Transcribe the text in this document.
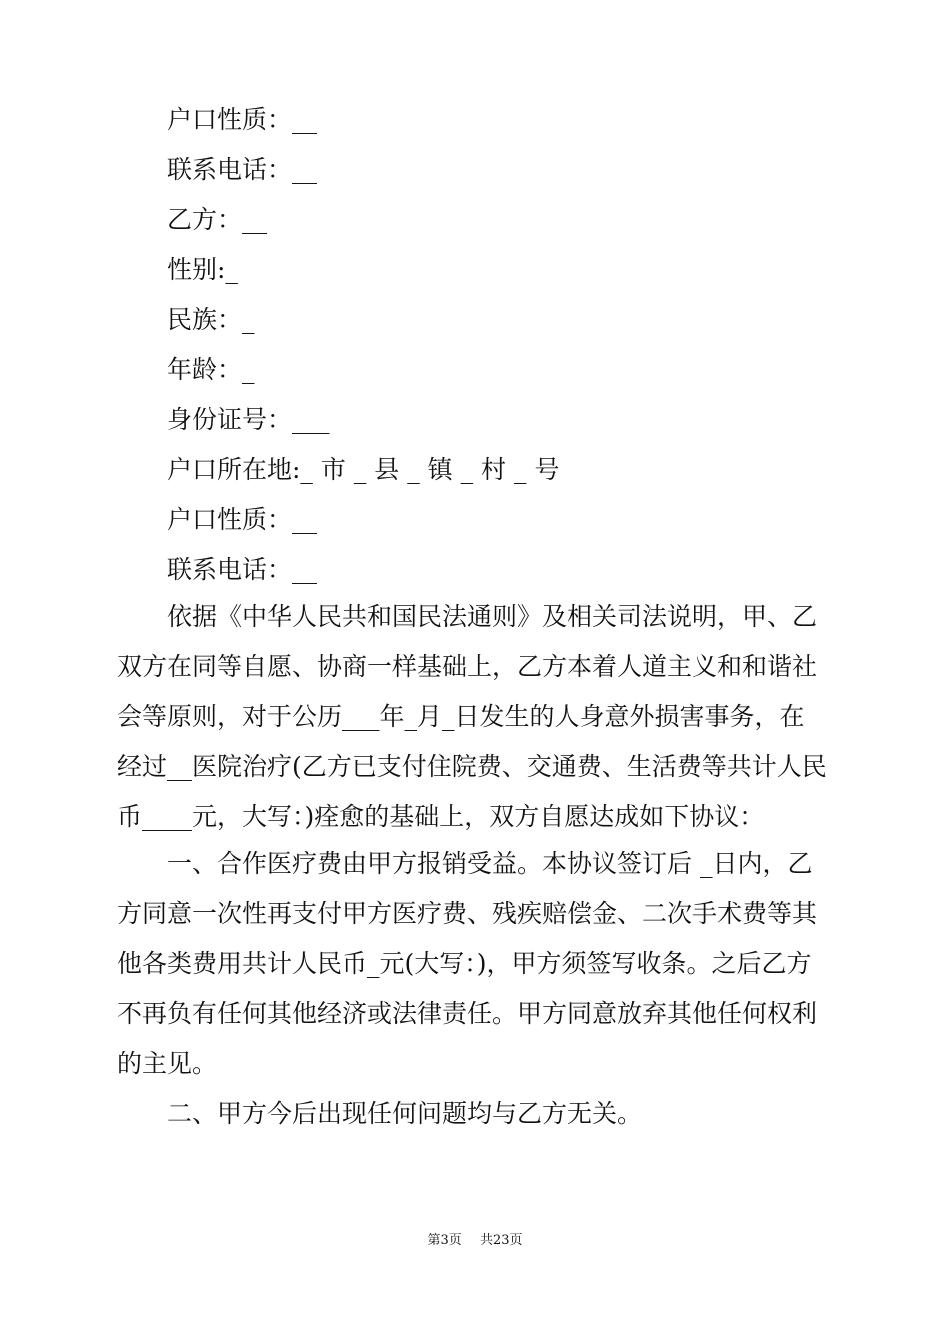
户口性质：__
联系电话：__
乙方：__
性别:_
民族：_
年龄：_
身份证号：___
户口所在地:_ 市 _ 县 _ 镇 _ 村 _ 号
户口性质：__
联系电话：__
　　依据《中华人民共和国民法通则》及相关司法说明，甲、乙
双方在同等自愿、协商一样基础上，乙方本着人道主义和和谐社
会等原则，对于公历___年_月_日发生的人身意外损害事务，在
经过__医院治疗(乙方已支付住院费、交通费、生活费等共计人民
币____元，大写：)痊愈的基础上，双方自愿达成如下协议：
　　一、合作医疗费由甲方报销受益。本协议签订后 _日内，乙
方同意一次性再支付甲方医疗费、残疾赔偿金、二次手术费等其
他各类费用共计人民币_元(大写：)，甲方须签写收条。之后乙方
不再负有任何其他经济或法律责任。甲方同意放弃其他任何权利
的主见。
　　二、甲方今后出现任何问题均与乙方无关。
第3页 共23页
